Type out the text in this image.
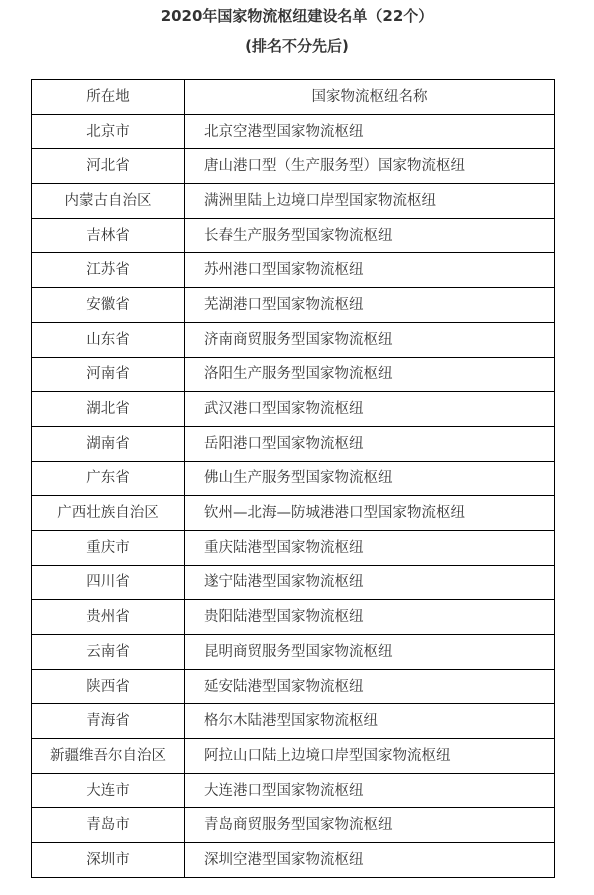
2020年国家物流枢纽建设名单（22个）
(排名不分先后)
所在地	国家物流枢纽名称
北京市	北京空港型国家物流枢纽
河北省	唐山港口型（生产服务型）国家物流枢纽
内蒙古自治区	满洲里陆上边境口岸型国家物流枢纽
吉林省	长春生产服务型国家物流枢纽
江苏省	苏州港口型国家物流枢纽
安徽省	芜湖港口型国家物流枢纽
山东省	济南商贸服务型国家物流枢纽
河南省	洛阳生产服务型国家物流枢纽
湖北省	武汉港口型国家物流枢纽
湖南省	岳阳港口型国家物流枢纽
广东省	佛山生产服务型国家物流枢纽
广西壮族自治区	钦州—北海—防城港港口型国家物流枢纽
重庆市	重庆陆港型国家物流枢纽
四川省	遂宁陆港型国家物流枢纽
贵州省	贵阳陆港型国家物流枢纽
云南省	昆明商贸服务型国家物流枢纽
陕西省	延安陆港型国家物流枢纽
青海省	格尔木陆港型国家物流枢纽
新疆维吾尔自治区	阿拉山口陆上边境口岸型国家物流枢纽
大连市	大连港口型国家物流枢纽
青岛市	青岛商贸服务型国家物流枢纽
深圳市	深圳空港型国家物流枢纽
